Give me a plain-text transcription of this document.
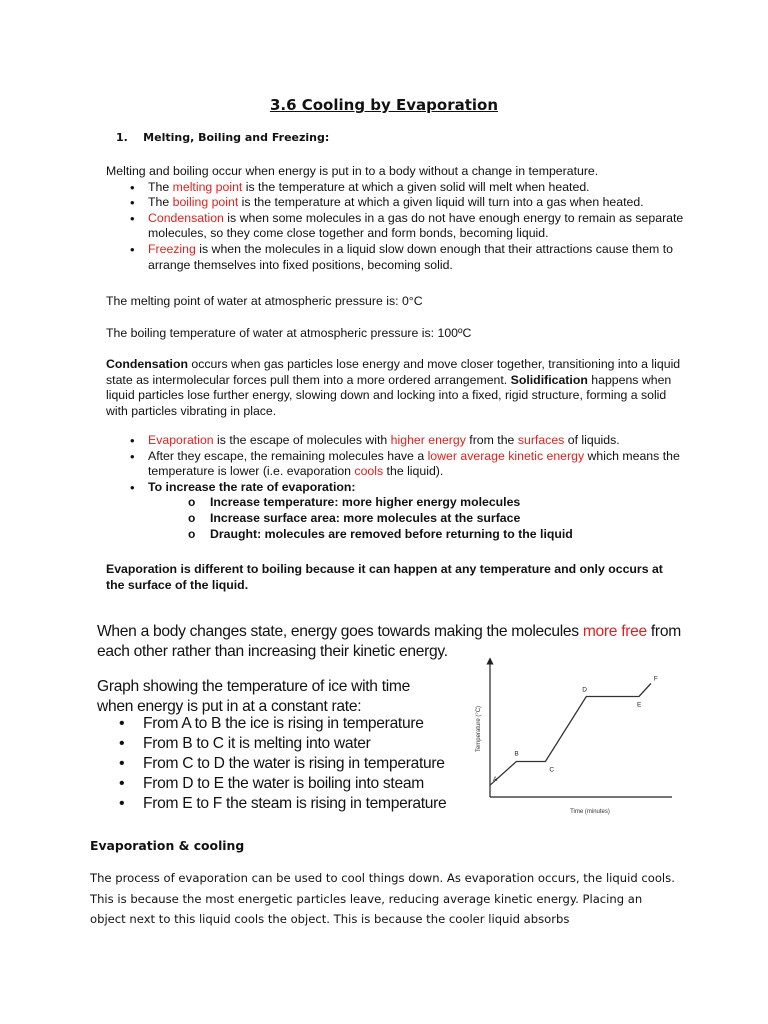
3.6 Cooling by Evaporation
1. Melting, Boiling and Freezing:
Melting and boiling occur when energy is put in to a body without a change in temperature.
• The melting point is the temperature at which a given solid will melt when heated.
• The boiling point is the temperature at which a given liquid will turn into a gas when heated.
• Condensation is when some molecules in a gas do not have enough energy to remain as separate molecules, so they come close together and form bonds, becoming liquid.
• Freezing is when the molecules in a liquid slow down enough that their attractions cause them to arrange themselves into fixed positions, becoming solid.
The melting point of water at atmospheric pressure is: 0°C
The boiling temperature of water at atmospheric pressure is: 100ºC
Condensation occurs when gas particles lose energy and move closer together, transitioning into a liquid state as intermolecular forces pull them into a more ordered arrangement. Solidification happens when liquid particles lose further energy, slowing down and locking into a fixed, rigid structure, forming a solid with particles vibrating in place.
• Evaporation is the escape of molecules with higher energy from the surfaces of liquids.
• After they escape, the remaining molecules have a lower average kinetic energy which means the temperature is lower (i.e. evaporation cools the liquid).
• To increase the rate of evaporation:
o Increase temperature: more higher energy molecules
o Increase surface area: more molecules at the surface
o Draught: molecules are removed before returning to the liquid
Evaporation is different to boiling because it can happen at any temperature and only occurs at the surface of the liquid.
When a body changes state, energy goes towards making the molecules more free from each other rather than increasing their kinetic energy.
Graph showing the temperature of ice with time when energy is put in at a constant rate:
• From A to B the ice is rising in temperature
• From B to C it is melting into water
• From C to D the water is rising in temperature
• From D to E the water is boiling into steam
• From E to F the steam is rising in temperature
Temperature (°C)
Time (minutes)
A
B
C
D
E
F
Evaporation & cooling
The process of evaporation can be used to cool things down. As evaporation occurs, the liquid cools. This is because the most energetic particles leave, reducing average kinetic energy. Placing an object next to this liquid cools the object. This is because the cooler liquid absorbs
